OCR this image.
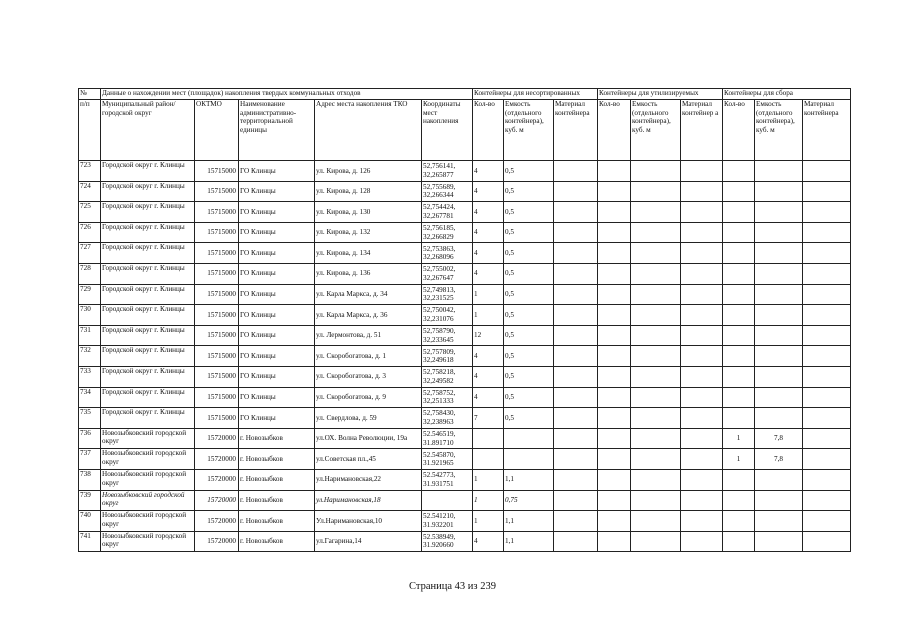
№	Данные о нахождении мест (площадок) накопления твердых коммунальных отходов					Контейнеры для несортированных			Контейнеры для утилизируемых			Контейнеры для сбора		
п/п	Муниципальный район/городской округ	ОКТМО	Наименование административно-территориальной единицы	Адрес места накопления ТКО	Координаты мест накопления	Кол-во	Емкость (отдельного контейнера), куб. м	Материал контейнера	Кол-во	Емкость (отдельного контейнера), куб. м	Материал контейнер а	Кол-во	Емкость (отдельного контейнера), куб. м	Материал контейнера
723	Городской округ г. Клинцы	15715000	ГО Клинцы	ул. Кирова, д. 126	52,756141, 32,265877	4	0,5							
724	Городской округ г. Клинцы	15715000	ГО Клинцы	ул. Кирова, д. 128	52,755689, 32,266344	4	0,5							
725	Городской округ г. Клинцы	15715000	ГО Клинцы	ул. Кирова, д. 130	52,754424, 32,267781	4	0,5							
726	Городской округ г. Клинцы	15715000	ГО Клинцы	ул. Кирова, д. 132	52,756185, 32,266829	4	0,5							
727	Городской округ г. Клинцы	15715000	ГО Клинцы	ул. Кирова, д. 134	52,753863, 32,268096	4	0,5							
728	Городской округ г. Клинцы	15715000	ГО Клинцы	ул. Кирова, д. 136	52,755002, 32,267647	4	0,5							
729	Городской округ г. Клинцы	15715000	ГО Клинцы	ул. Карла Маркса, д. 34	52,749813, 32,231525	1	0,5							
730	Городской округ г. Клинцы	15715000	ГО Клинцы	ул. Карла Маркса, д. 36	52,750042, 32,231076	1	0,5							
731	Городской округ г. Клинцы	15715000	ГО Клинцы	ул. Лермонтова, д. 51	52,758790, 32,233645	12	0,5							
732	Городской округ г. Клинцы	15715000	ГО Клинцы	ул. Скоробогатова, д. 1	52,757809, 32,249618	4	0,5							
733	Городской округ г. Клинцы	15715000	ГО Клинцы	ул. Скоробогатова, д. 3	52,758218, 32,249582	4	0,5							
734	Городской округ г. Клинцы	15715000	ГО Клинцы	ул. Скоробогатова, д. 9	52,758752, 32,251333	4	0,5							
735	Городской округ г. Клинцы	15715000	ГО Клинцы	ул. Свердлова, д. 59	52,758430, 32,238963	7	0,5							
736	Новозыбковский городской округ	15720000	г. Новозыбков	ул.ОХ. Волна Революции, 19а	52.546519, 31.891710							1	7,8	
737	Новозыбковский городской округ	15720000	г. Новозыбков	ул.Советская пл.,45	52.545870, 31.921965							1	7,8	
738	Новозыбковский городской округ	15720000	г. Новозыбков	ул.Наримановская,22	52.542773, 31.931751	1	1,1							
739	Новозыбковский городской округ	15720000	г. Новозыбков	ул.Наримановская,18		1	0,75							
740	Новозыбковский городской округ	15720000	г. Новозыбков	Ул.Наримановская,10	52.541210, 31.932201	1	1,1							
741	Новозыбковский городской округ	15720000	г. Новозыбков	ул.Гагарина,14	52.538949, 31.920660	4	1,1							
Страница 43 из 239
